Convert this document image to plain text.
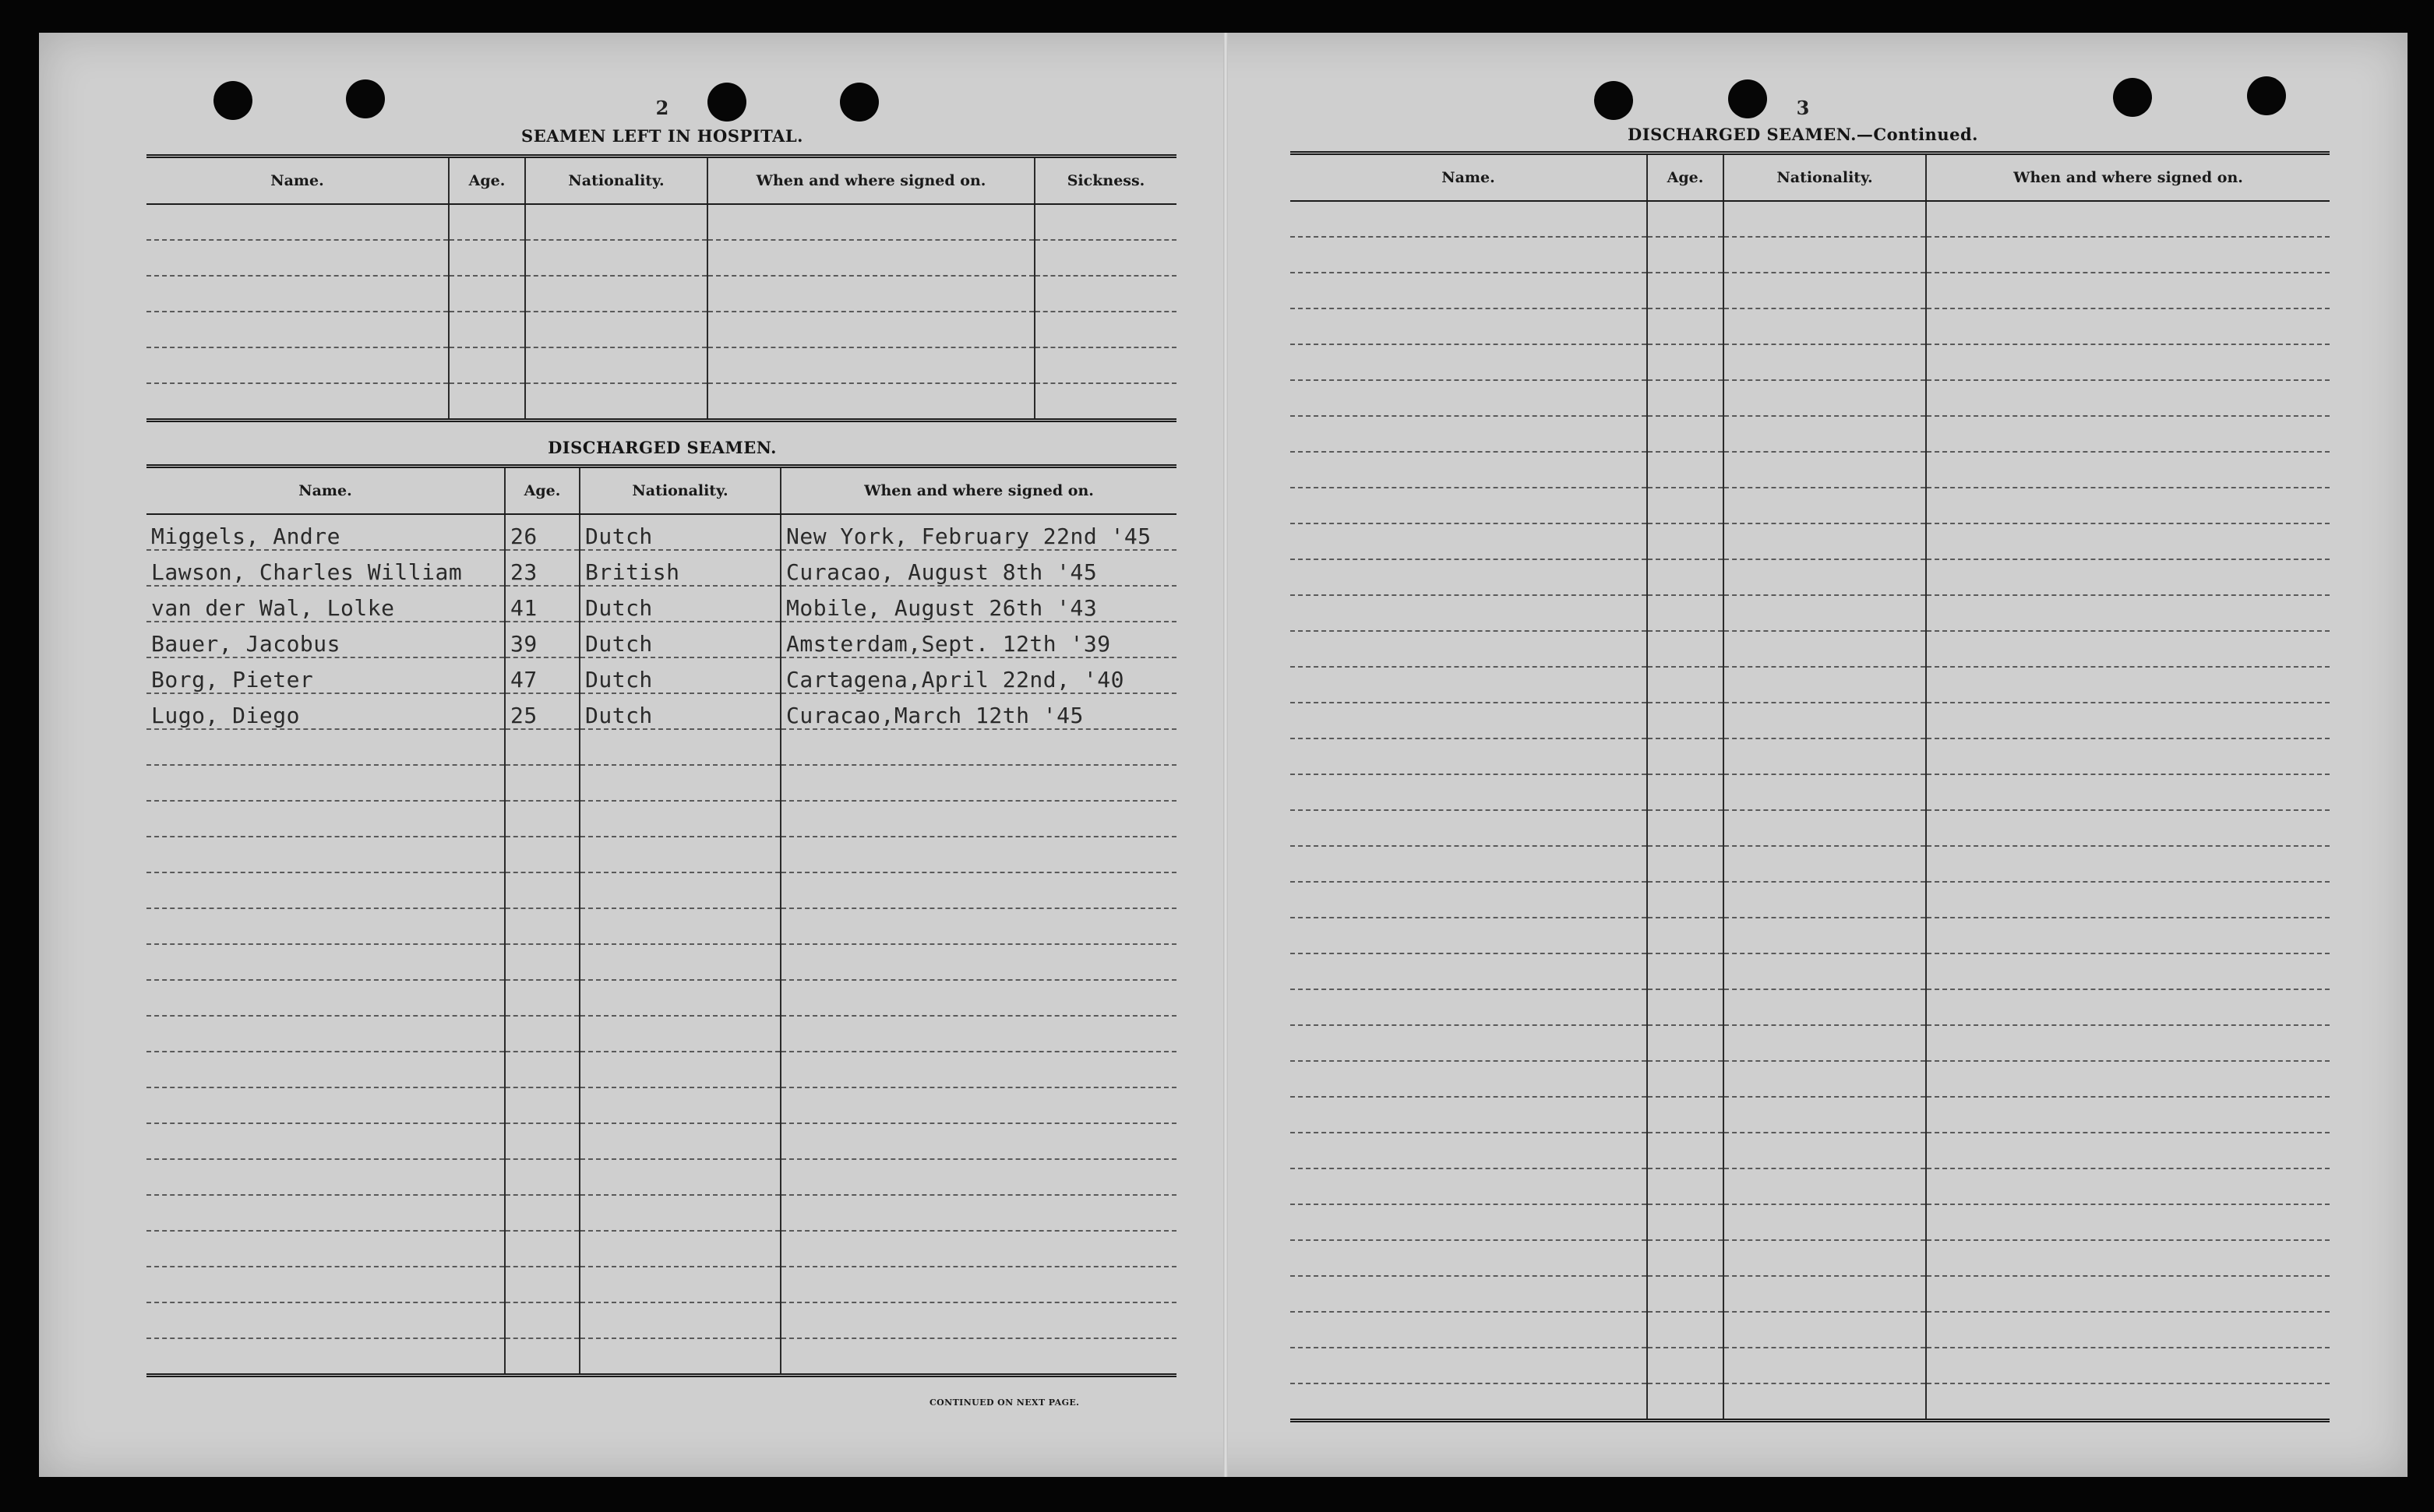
2
SEAMEN LEFT IN HOSPITAL.
Name.	Age.	Nationality.	When and where signed on.	Sickness.

DISCHARGED SEAMEN.
Name.	Age.	Nationality.	When and where signed on.
Miggels, Andre	26	Dutch	New York, February 22nd '45
Lawson, Charles William	23	British	Curacao, August 8th '45
van der Wal, Lolke	41	Dutch	Mobile, August 26th '43
Bauer, Jacobus	39	Dutch	Amsterdam,Sept. 12th '39
Borg, Pieter	47	Dutch	Cartagena,April 22nd, '40
Lugo, Diego	25	Dutch	Curacao,March 12th '45

CONTINUED ON NEXT PAGE.
3
DISCHARGED SEAMEN.—Continued.
Name.	Age.	Nationality.	When and where signed on.
